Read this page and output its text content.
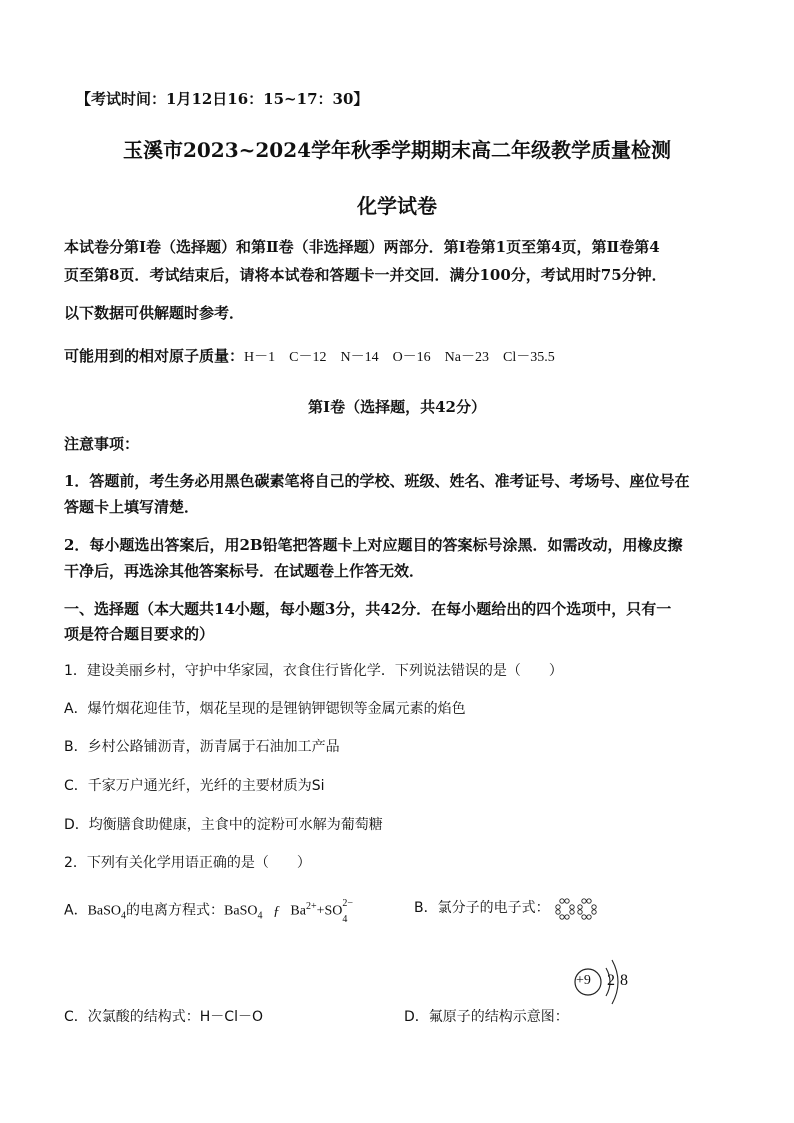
【考试时间：1月12日16：15~17：30】
玉溪市2023~2024学年秋季学期期末高二年级教学质量检测
化学试卷
本试卷分第Ⅰ卷（选择题）和第Ⅱ卷（非选择题）两部分．第Ⅰ卷第1页至第4页，第Ⅱ卷第4
页至第8页．考试结束后，请将本试卷和答题卡一并交回．满分100分，考试用时75分钟．
以下数据可供解题时参考．
可能用到的相对原子质量：H－1　C－12　N－14　O－16　Na－23　Cl－35.5
第Ⅰ卷（选择题，共42分）
注意事项：
1．答题前，考生务必用黑色碳素笔将自己的学校、班级、姓名、准考证号、考场号、座位号在
答题卡上填写清楚．
2．每小题选出答案后，用2B铅笔把答题卡上对应题目的答案标号涂黑．如需改动，用橡皮擦
干净后，再选涂其他答案标号．在试题卷上作答无效．
一、选择题（本大题共14小题，每小题3分，共42分．在每小题给出的四个选项中，只有一
项是符合题目要求的）
1．建设美丽乡村，守护中华家园，衣食住行皆化学．下列说法错误的是（　　）
A．爆竹烟花迎佳节，烟花呈现的是锂钠钾锶钡等金属元素的焰色
B．乡村公路铺沥青，沥青属于石油加工产品
C．千家万户通光纤，光纤的主要材质为Si
D．均衡膳食助健康，主食中的淀粉可水解为葡萄糖
2．下列有关化学用语正确的是（　　）
A．BaSO$_4$的电离方程式：BaSO$_4$ ƒ $Ba^{2+}+SO$
2−
4
B．氯分子的电子式：
+9 2 8
C．次氯酸的结构式：H－Cl－O	D．氟原子的结构示意图：
